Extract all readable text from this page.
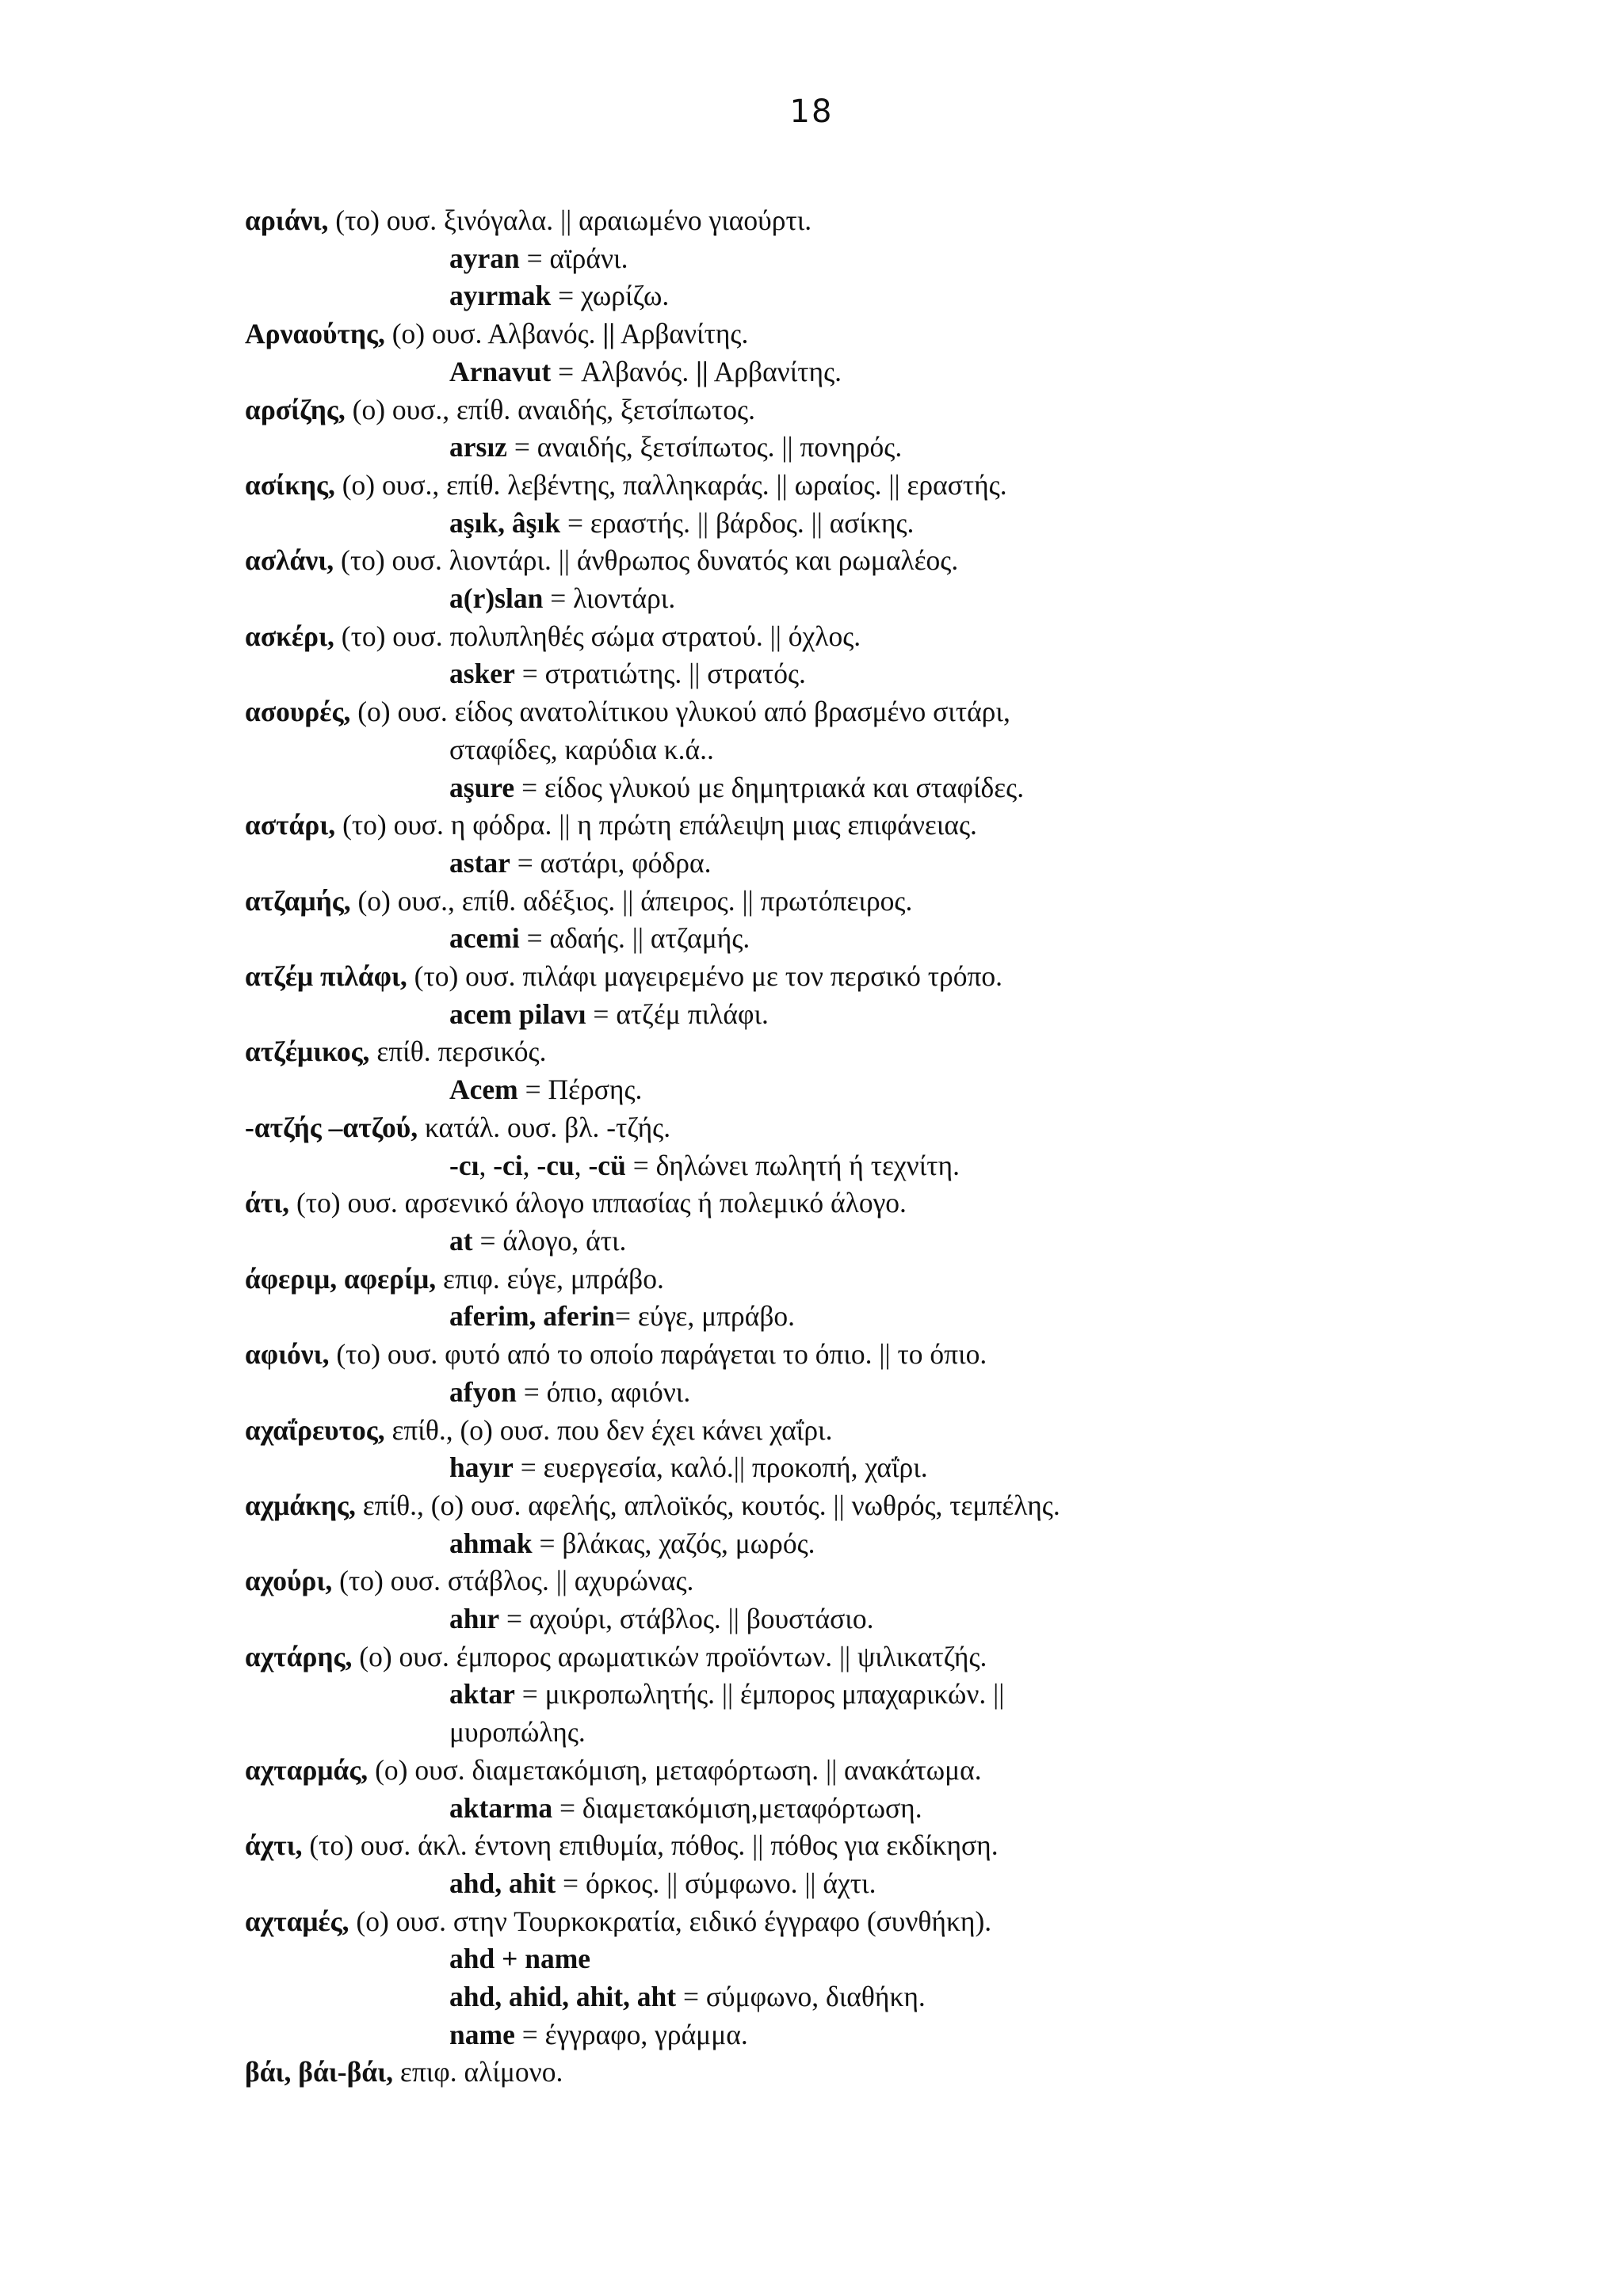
18
αριάνι, (το) ουσ. ξινόγαλα. || αραιωμένο γιαούρτι.
ayran = αϊράνι.
ayırmak = χωρίζω.
Αρναούτης, (ο) ουσ. Αλβανός. || Αρβανίτης.
Arnavut = Αλβανός. || Αρβανίτης.
αρσίζης, (ο) ουσ., επίθ. αναιδής, ξετσίπωτος.
arsız = αναιδής, ξετσίπωτος. || πονηρός.
ασίκης, (ο) ουσ., επίθ. λεβέντης, παλληκαράς. || ωραίος. || εραστής.
aşık, âşık = εραστής. || βάρδος. || ασίκης.
ασλάνι, (το) ουσ. λιοντάρι. || άνθρωπος δυνατός και ρωμαλέος.
a(r)slan = λιοντάρι.
ασκέρι, (το) ουσ. πολυπληθές σώμα στρατού. || όχλος.
asker = στρατιώτης. || στρατός.
ασουρές, (ο) ουσ. είδος ανατολίτικου γλυκού από βρασμένο σιτάρι,
σταφίδες, καρύδια κ.ά..
aşure = είδος γλυκού με δημητριακά και σταφίδες.
αστάρι, (το) ουσ. η φόδρα. || η πρώτη επάλειψη μιας επιφάνειας.
astar = αστάρι, φόδρα.
ατζαμής, (ο) ουσ., επίθ. αδέξιος. || άπειρος. || πρωτόπειρος.
acemi = αδαής. || ατζαμής.
ατζέμ πιλάφι, (το) ουσ. πιλάφι μαγειρεμένο με τον περσικό τρόπο.
acem pilavı = ατζέμ πιλάφι.
ατζέμικος, επίθ. περσικός.
Acem = Πέρσης.
-ατζής –ατζού, κατάλ. ουσ. βλ. -τζής.
-cı, -ci, -cu, -cü = δηλώνει πωλητή ή τεχνίτη.
άτι, (το) ουσ. αρσενικό άλογο ιππασίας ή πολεμικό άλογο.
at = άλογο, άτι.
άφεριμ, αφερίμ, επιφ. εύγε, μπράβο.
aferim, aferin= εύγε, μπράβο.
αφιόνι, (το) ουσ. φυτό από το οποίο παράγεται το όπιο. || το όπιο.
afyon = όπιο, αφιόνι.
αχαΐρευτος, επίθ., (ο) ουσ. που δεν έχει κάνει χαΐρι.
hayır = ευεργεσία, καλό.|| προκοπή, χαΐρι.
αχμάκης, επίθ., (ο) ουσ. αφελής, απλοϊκός, κουτός. || νωθρός, τεμπέλης.
ahmak = βλάκας, χαζός, μωρός.
αχούρι, (το) ουσ. στάβλος. || αχυρώνας.
ahır = αχούρι, στάβλος. || βουστάσιο.
αχτάρης, (ο) ουσ. έμπορος αρωματικών προϊόντων. || ψιλικατζής.
aktar = μικροπωλητής. || έμπορος μπαχαρικών. ||
μυροπώλης.
αχταρμάς, (ο) ουσ. διαμετακόμιση, μεταφόρτωση. || ανακάτωμα.
aktarma = διαμετακόμιση,μεταφόρτωση.
άχτι, (το) ουσ. άκλ. έντονη επιθυμία, πόθος. || πόθος για εκδίκηση.
ahd, ahit = όρκος. || σύμφωνο. || άχτι.
αχταμές, (ο) ουσ. στην Τουρκοκρατία, ειδικό έγγραφο (συνθήκη).
ahd + name
ahd, ahid, ahit, aht = σύμφωνο, διαθήκη.
name = έγγραφο, γράμμα.
βάι, βάι-βάι, επιφ. αλίμονο.
